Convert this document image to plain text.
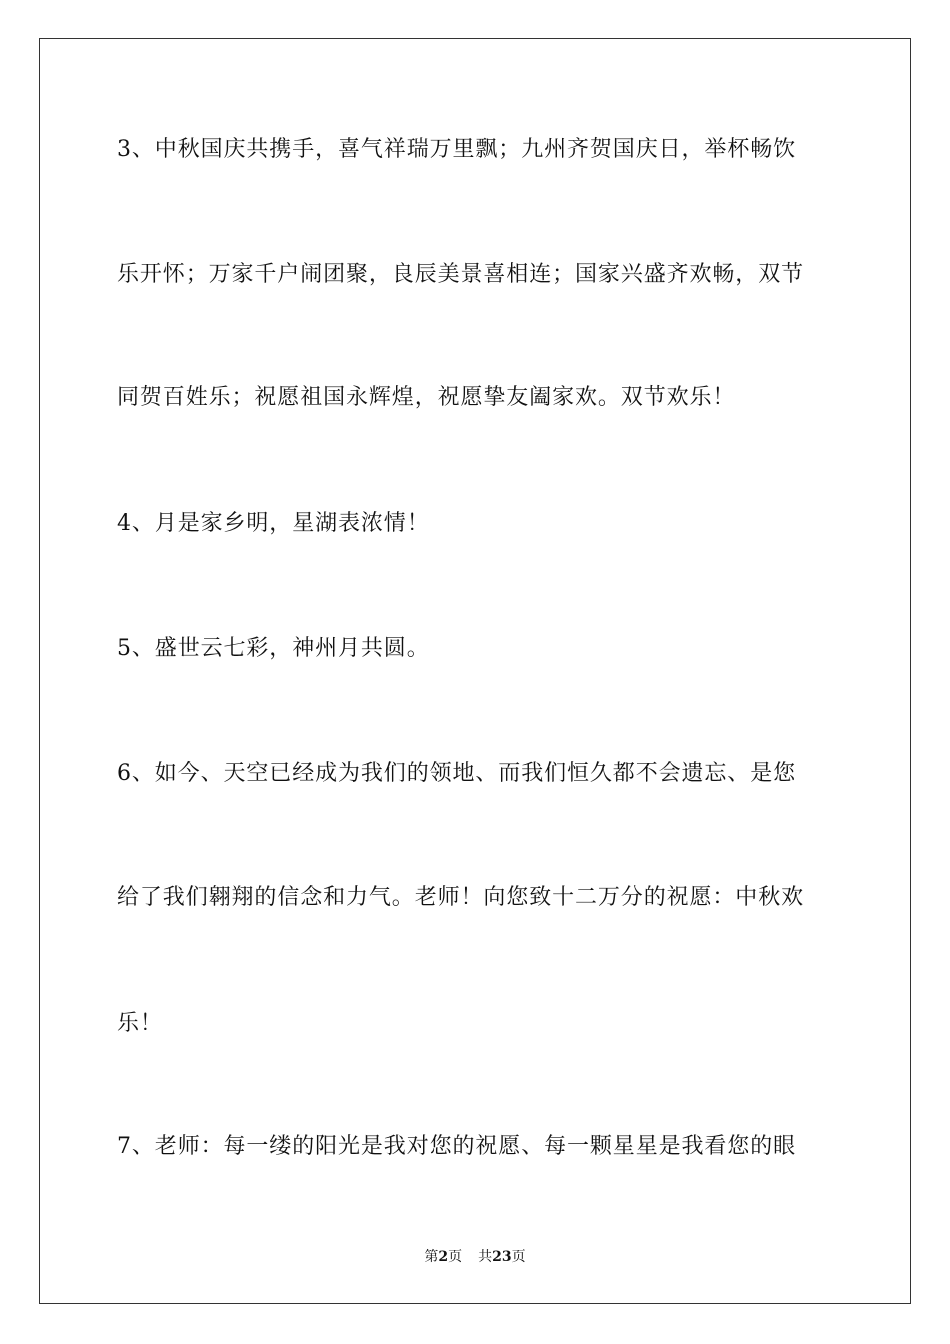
3、中秋国庆共携手，喜气祥瑞万里飘；九州齐贺国庆日，举杯畅饮
乐开怀；万家千户闹团聚，良辰美景喜相连；国家兴盛齐欢畅，双节
同贺百姓乐；祝愿祖国永辉煌，祝愿挚友阖家欢。双节欢乐！
4、月是家乡明，星湖表浓情！
5、盛世云七彩，神州月共圆。
6、如今、天空已经成为我们的领地、而我们恒久都不会遗忘、是您
给了我们翱翔的信念和力气。老师！向您致十二万分的祝愿：中秋欢
乐！
7、老师：每一缕的阳光是我对您的祝愿、每一颗星星是我看您的眼
第2页 共23页
